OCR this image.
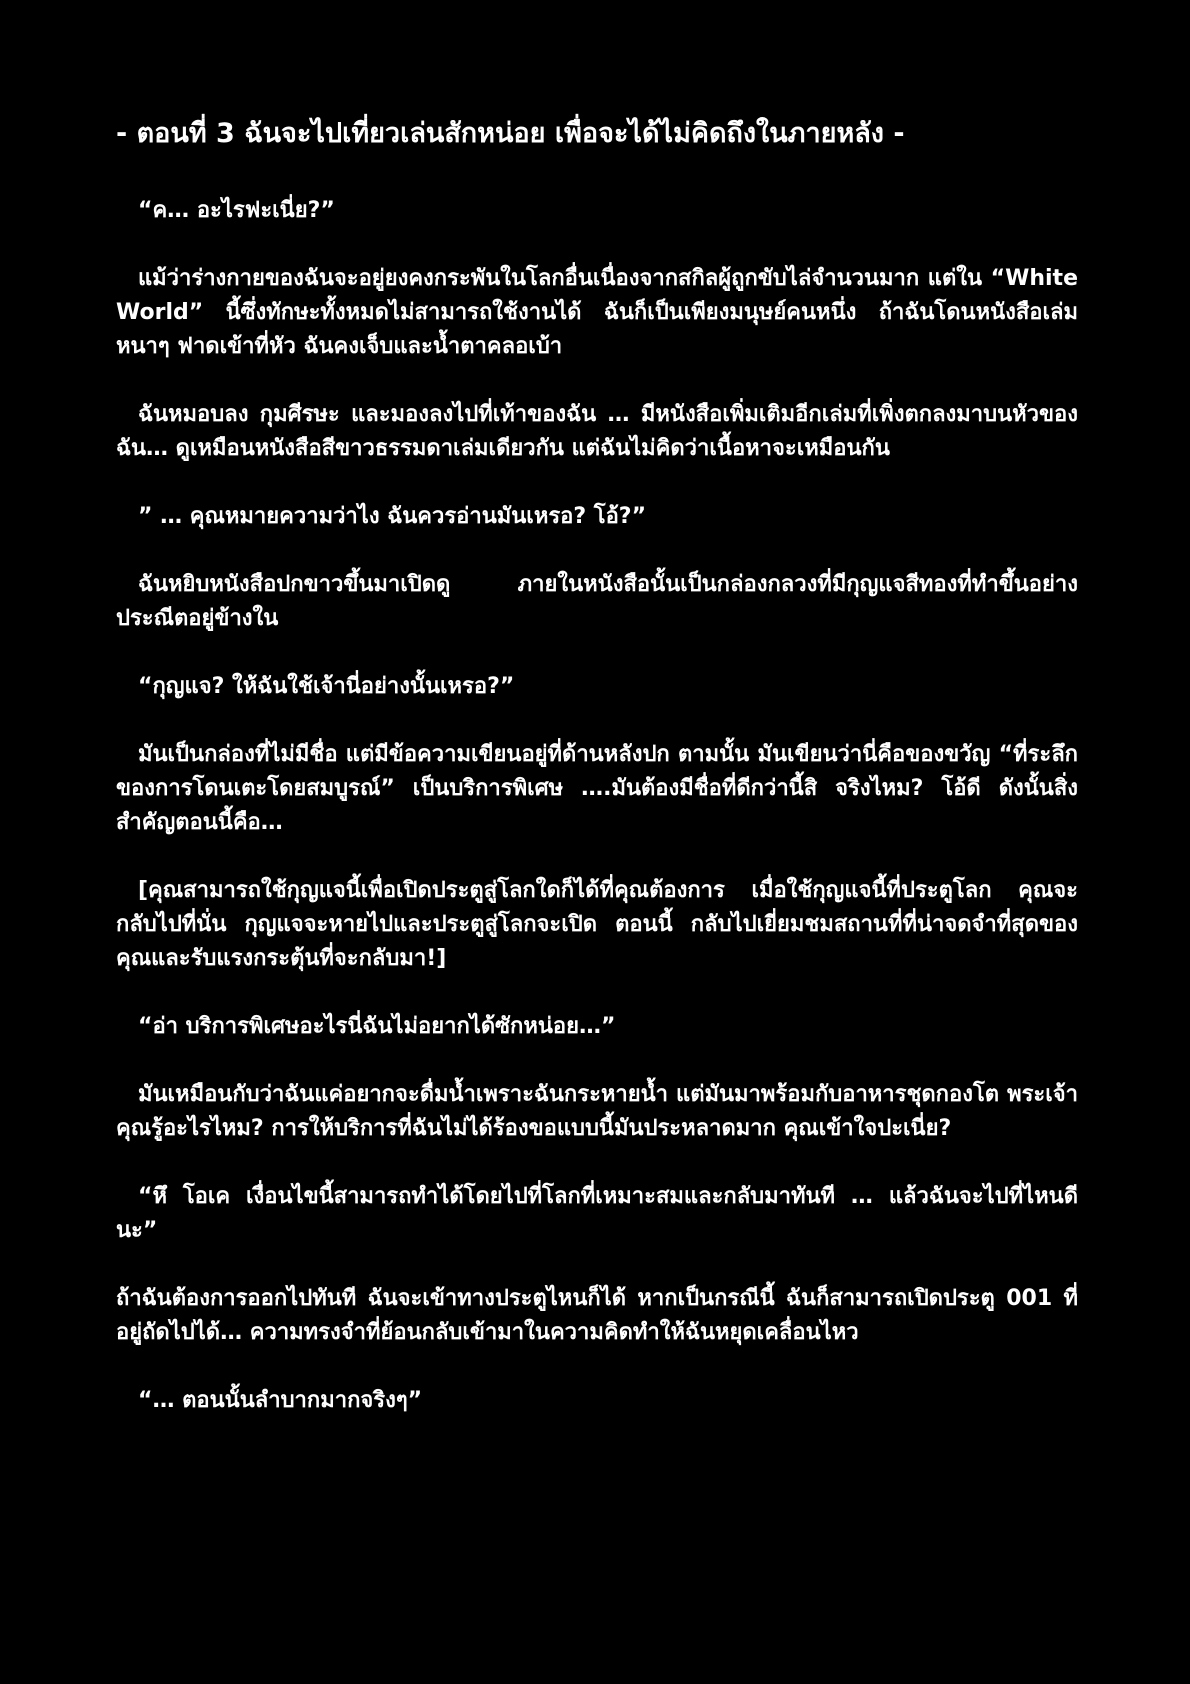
- ตอนที่ 3 ฉันจะไปเที่ยวเล่นสักหน่อย เพื่อจะได้ไม่คิดถึงในภายหลัง -

“ค… อะไรฟะเนี่ย?”

แม้ว่าร่างกายของฉันจะอยู่ยงคงกระพันในโลกอื่นเนื่องจากสกิลผู้ถูกขับไล่จำนวนมาก แต่ใน “White World” นี้ซึ่งทักษะทั้งหมดไม่สามารถใช้งานได้ ฉันก็เป็นเพียงมนุษย์คนหนึ่ง ถ้าฉันโดนหนังสือเล่มหนาๆ ฟาดเข้าที่หัว ฉันคงเจ็บและน้ำตาคลอเบ้า

ฉันหมอบลง กุมศีรษะ และมองลงไปที่เท้าของฉัน … มีหนังสือเพิ่มเติมอีกเล่มที่เพิ่งตกลงมาบนหัวของฉัน… ดูเหมือนหนังสือสีขาวธรรมดาเล่มเดียวกัน แต่ฉันไม่คิดว่าเนื้อหาจะเหมือนกัน

” … คุณหมายความว่าไง ฉันควรอ่านมันเหรอ? โอ้?”

ฉันหยิบหนังสือปกขาวขึ้นมาเปิดดู ภายในหนังสือนั้นเป็นกล่องกลวงที่มีกุญแจสีทองที่ทำขึ้นอย่างประณีตอยู่ข้างใน

“กุญแจ? ให้ฉันใช้เจ้านี่อย่างนั้นเหรอ?”

มันเป็นกล่องที่ไม่มีชื่อ แต่มีข้อความเขียนอยู่ที่ด้านหลังปก ตามนั้น มันเขียนว่านี่คือของขวัญ “ที่ระลึกของการโดนเตะโดยสมบูรณ์” เป็นบริการพิเศษ ….มันต้องมีชื่อที่ดีกว่านี้สิ จริงไหม? โอ้ดี ดังนั้นสิ่งสำคัญตอนนี้คือ…

[คุณสามารถใช้กุญแจนี้เพื่อเปิดประตูสู่โลกใดก็ได้ที่คุณต้องการ เมื่อใช้กุญแจนี้ที่ประตูโลก คุณจะกลับไปที่นั่น กุญแจจะหายไปและประตูสู่โลกจะเปิด ตอนนี้ กลับไปเยี่ยมชมสถานที่ที่น่าจดจำที่สุดของคุณและรับแรงกระตุ้นที่จะกลับมา!]

“อ่า บริการพิเศษอะไรนี่ฉันไม่อยากได้ซักหน่อย…”

มันเหมือนกับว่าฉันแค่อยากจะดื่มน้ำเพราะฉันกระหายน้ำ แต่มันมาพร้อมกับอาหารชุดกองโต พระเจ้า คุณรู้อะไรไหม? การให้บริการที่ฉันไม่ได้ร้องขอแบบนี้มันประหลาดมาก คุณเข้าใจปะเนี่ย?

“หึ โอเค เงื่อนไขนี้สามารถทำได้โดยไปที่โลกที่เหมาะสมและกลับมาทันที … แล้วฉันจะไปที่ไหนดีนะ”

ถ้าฉันต้องการออกไปทันที ฉันจะเข้าทางประตูไหนก็ได้ หากเป็นกรณีนี้ ฉันก็สามารถเปิดประตู 001 ที่อยู่ถัดไปได้… ความทรงจำที่ย้อนกลับเข้ามาในความคิดทำให้ฉันหยุดเคลื่อนไหว

“… ตอนนั้นลำบากมากจริงๆ”
